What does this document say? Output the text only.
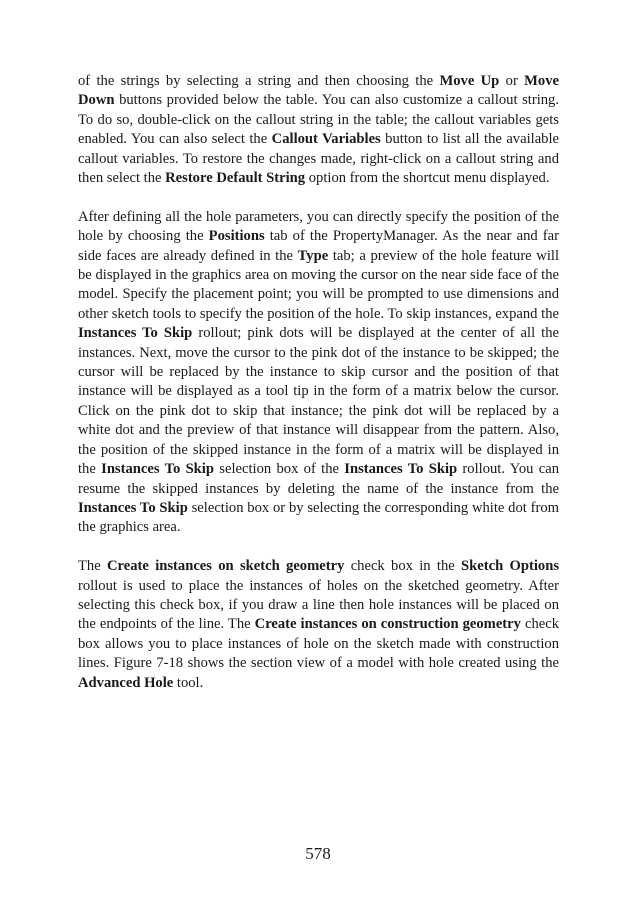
of the strings by selecting a string and then choosing the Move Up or Move Down buttons provided below the table. You can also customize a callout string. To do so, double-click on the callout string in the table; the callout variables gets enabled. You can also select the Callout Variables button to list all the available callout variables. To restore the changes made, right-click on a callout string and then select the Restore Default String option from the shortcut menu displayed.

After defining all the hole parameters, you can directly specify the position of the hole by choosing the Positions tab of the PropertyManager. As the near and far side faces are already defined in the Type tab; a preview of the hole feature will be displayed in the graphics area on moving the cursor on the near side face of the model. Specify the placement point; you will be prompted to use dimensions and other sketch tools to specify the position of the hole. To skip instances, expand the Instances To Skip rollout; pink dots will be displayed at the center of all the instances. Next, move the cursor to the pink dot of the instance to be skipped; the cursor will be replaced by the instance to skip cursor and the position of that instance will be displayed as a tool tip in the form of a matrix below the cursor. Click on the pink dot to skip that instance; the pink dot will be replaced by a white dot and the preview of that instance will disappear from the pattern. Also, the position of the skipped instance in the form of a matrix will be displayed in the Instances To Skip selection box of the Instances To Skip rollout. You can resume the skipped instances by deleting the name of the instance from the Instances To Skip selection box or by selecting the corresponding white dot from the graphics area.

The Create instances on sketch geometry check box in the Sketch Options rollout is used to place the instances of holes on the sketched geometry. After selecting this check box, if you draw a line then hole instances will be placed on the endpoints of the line. The Create instances on construction geometry check box allows you to place instances of hole on the sketch made with construction lines. Figure 7-18 shows the section view of a model with hole created using the Advanced Hole tool.

578
